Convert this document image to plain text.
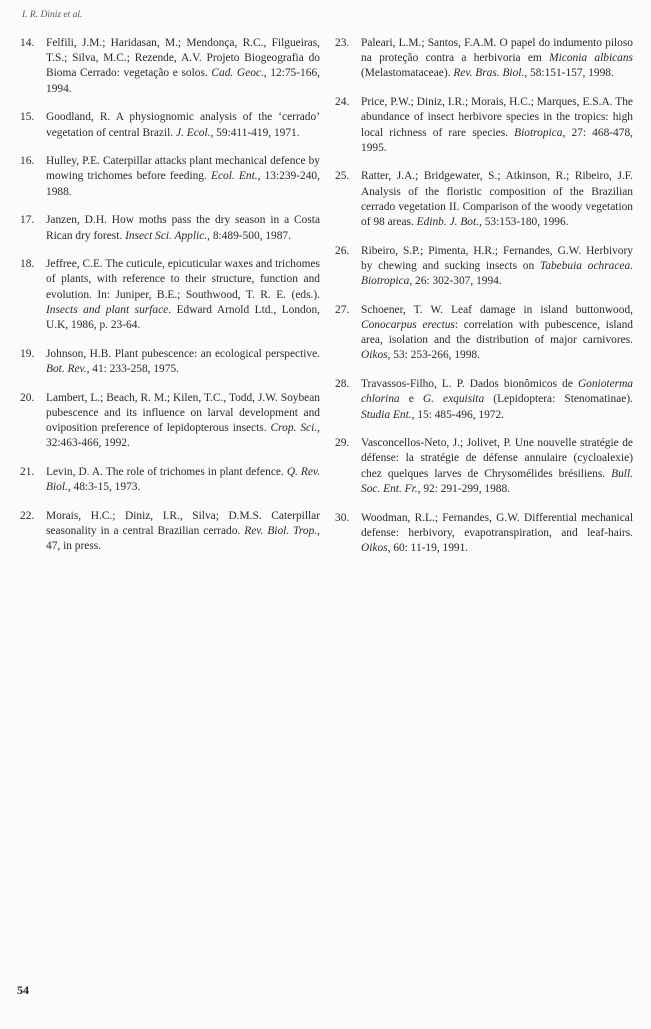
I. R. Diniz et al.
14.	Felfili, J.M.; Haridasan, M.; Mendonça, R.C., Filgueiras, T.S.; Silva, M.C.; Rezende, A.V. Projeto Biogeografia do Bioma Cerrado: vegetação e solos. Cad. Geoc., 12:75-166, 1994.
15.	Goodland, R. A physiognomic analysis of the ‘cerrado’ vegetation of central Brazil. J. Ecol., 59:411-419, 1971.
16.	Hulley, P.E. Caterpillar attacks plant mechanical defence by mowing trichomes before feeding. Ecol. Ent., 13:239-240, 1988.
17.	Janzen, D.H. How moths pass the dry season in a Costa Rican dry forest. Insect Sci. Applic., 8:489-500, 1987.
18.	Jeffree, C.E. The cuticule, epicuticular waxes and trichomes of plants, with reference to their structure, function and evolution. In: Juniper, B.E.; Southwood, T. R. E. (eds.). Insects and plant surface. Edward Arnold Ltd., London, U.K, 1986, p. 23-64.
19.	Johnson, H.B. Plant pubescence: an ecological perspective. Bot. Rev., 41: 233-258, 1975.
20.	Lambert, L.; Beach, R. M.; Kilen, T.C., Todd, J.W. Soybean pubescence and its influence on larval development and oviposition preference of lepidopterous insects. Crop. Sci., 32:463-466, 1992.
21.	Levin, D. A. The role of trichomes in plant defence. Q. Rev. Biol., 48:3-15, 1973.
22.	Morais, H.C.; Diniz, I.R., Silva; D.M.S. Caterpillar seasonality in a central Brazilian cerrado. Rev. Biol. Trop., 47, in press.
23.	Paleari, L.M.; Santos, F.A.M. O papel do indumento piloso na proteção contra a herbivoria em Miconia albicans (Melastomataceae). Rev. Bras. Biol., 58:151-157, 1998.
24.	Price, P.W.; Diniz, I.R.; Morais, H.C.; Marques, E.S.A. The abundance of insect herbivore species in the tropics: high local richness of rare species. Biotropica, 27: 468-478, 1995.
25.	Ratter, J.A.; Bridgewater, S.; Atkinson, R.; Ribeiro, J.F. Analysis of the floristic composition of the Brazilian cerrado vegetation II. Comparison of the woody vegetation of 98 areas. Edinb. J. Bot., 53:153-180, 1996.
26.	Ribeiro, S.P.; Pimenta, H.R.; Fernandes, G.W. Herbivory by chewing and sucking insects on Tabebuia ochracea. Biotropica, 26: 302-307, 1994.
27.	Schoener, T. W. Leaf damage in island buttonwood, Conocarpus erectus: correlation with pubescence, island area, isolation and the distribution of major carnivores. Oikos, 53: 253-266, 1998.
28.	Travassos-Filho, L. P. Dados bionômicos de Goniotermа chlorina e G. exquisita (Lepidoptera: Stenomatinae). Studia Ent., 15: 485-496, 1972.
29.	Vasconcellos-Neto, J.; Jolivet, P. Une nouvelle stratégie de défense: la stratégie de défense annulaire (cycloalexie) chez quelques larves de Chrysomélides brésiliens. Bull. Soc. Ent. Fr., 92: 291-299, 1988.
30.	Woodman, R.L.; Fernandes, G.W. Differential mechanical defense: herbivory, evapotranspiration, and leaf-hairs. Oikos, 60: 11-19, 1991.
54
